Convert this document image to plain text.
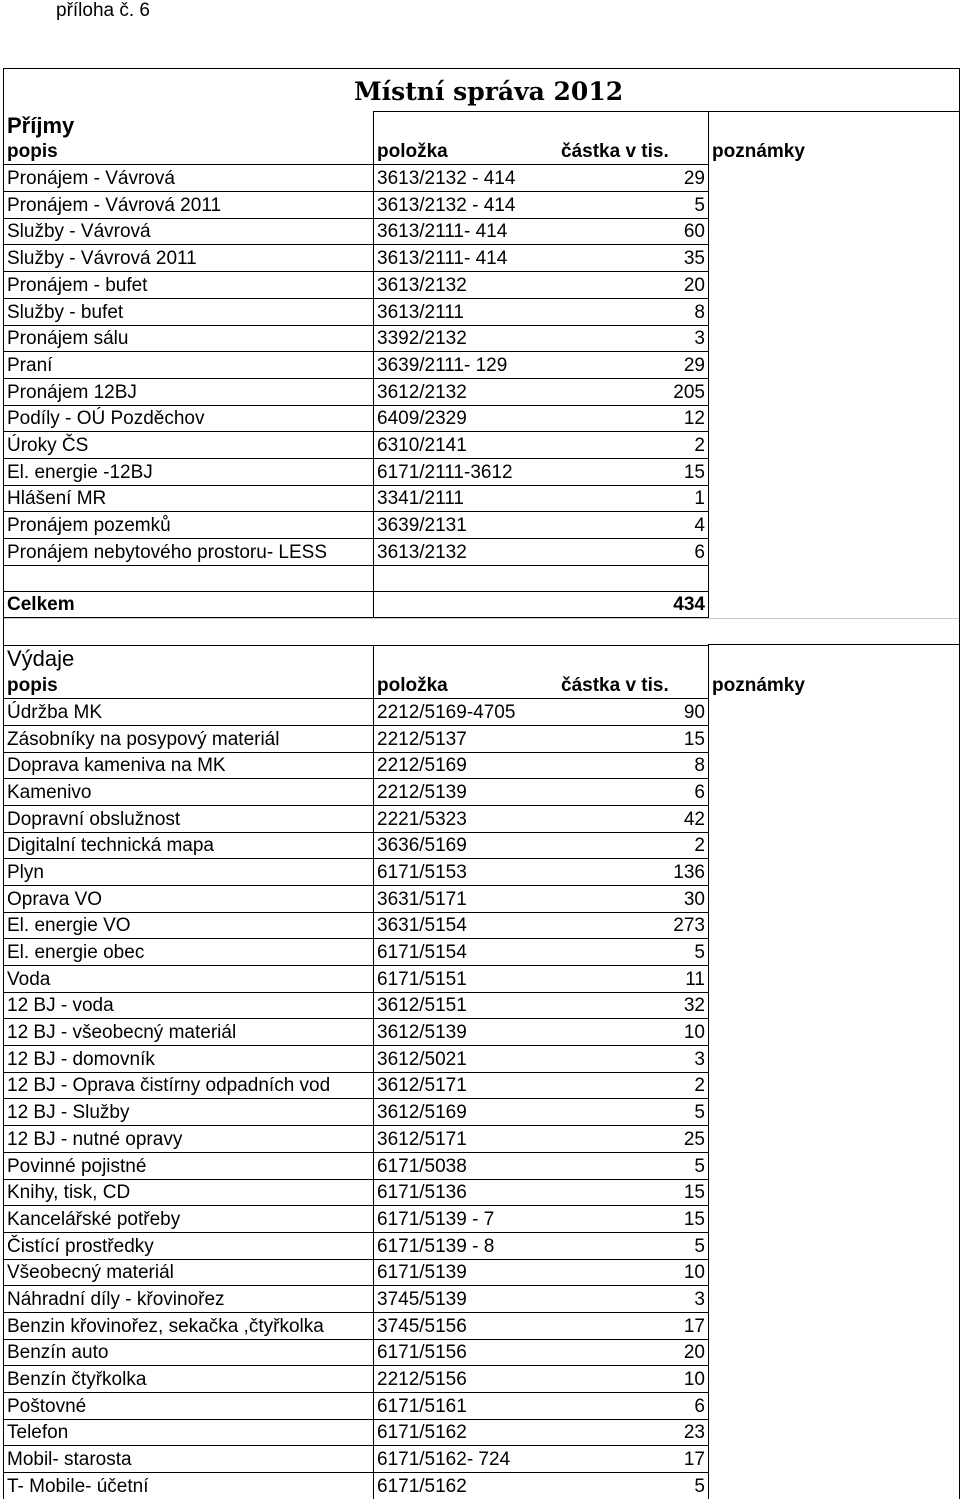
příloha č. 6
Místní správa 2012
Příjmy
popis	položka	částka v tis.	poznámky
Pronájem - Vávrová	3613/2132 - 414	29
Pronájem - Vávrová 2011	3613/2132 - 414	5
Služby - Vávrová	3613/2111- 414	60
Služby - Vávrová 2011	3613/2111- 414	35
Pronájem - bufet	3613/2132	20
Služby - bufet	3613/2111	8
Pronájem sálu	3392/2132	3
Praní	3639/2111- 129	29
Pronájem 12BJ	3612/2132	205
Podíly - OÚ Pozděchov	6409/2329	12
Úroky ČS	6310/2141	2
El. energie -12BJ	6171/2111-3612	15
Hlášení MR	3341/2111	1
Pronájem pozemků	3639/2131	4
Pronájem nebytového prostoru- LESS	3613/2132	6
Celkem	434
Výdaje
popis	položka	částka v tis.	poznámky
Údržba MK	2212/5169-4705	90
Zásobníky na posypový materiál	2212/5137	15
Doprava kameniva na MK	2212/5169	8
Kamenivo	2212/5139	6
Dopravní obslužnost	2221/5323	42
Digitalní technická mapa	3636/5169	2
Plyn	6171/5153	136
Oprava VO	3631/5171	30
El. energie VO	3631/5154	273
El. energie obec	6171/5154	5
Voda	6171/5151	11
12 BJ - voda	3612/5151	32
12 BJ - všeobecný materiál	3612/5139	10
12 BJ - domovník	3612/5021	3
12 BJ - Oprava čistírny odpadních vod	3612/5171	2
12 BJ - Služby	3612/5169	5
12 BJ - nutné opravy	3612/5171	25
Povinné pojistné	6171/5038	5
Knihy, tisk, CD	6171/5136	15
Kancelářské potřeby	6171/5139 - 7	15
Čistící prostředky	6171/5139 - 8	5
Všeobecný materiál	6171/5139	10
Náhradní díly - křovinořez	3745/5139	3
Benzin křovinořez, sekačka ,čtyřkolka	3745/5156	17
Benzín auto	6171/5156	20
Benzín čtyřkolka	2212/5156	10
Poštovné	6171/5161	6
Telefon	6171/5162	23
Mobil- starosta	6171/5162- 724	17
T- Mobile- účetní	6171/5162	5
